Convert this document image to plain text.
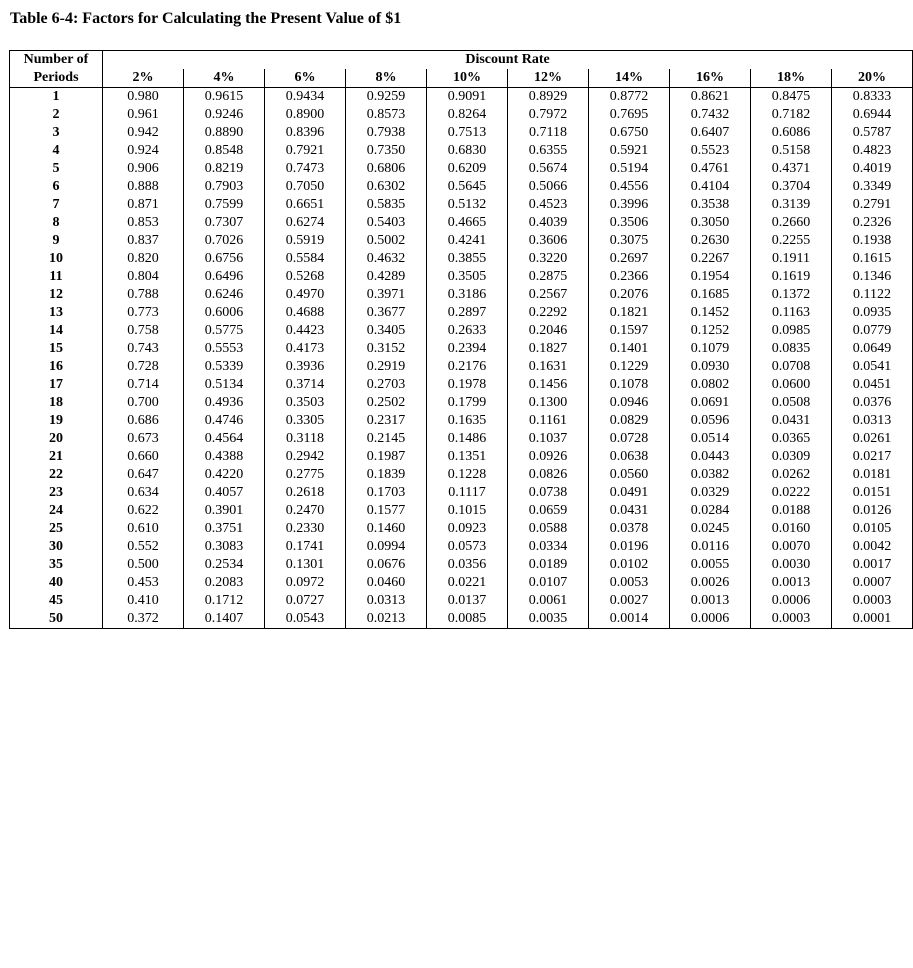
Table 6-4: Factors for Calculating the Present Value of $1
Number of
Periods	Discount Rate									
	2%	4%	6%	8%	10%	12%	14%	16%	18%	20%
1	0.980	0.9615	0.9434	0.9259	0.9091	0.8929	0.8772	0.8621	0.8475	0.8333
2	0.961	0.9246	0.8900	0.8573	0.8264	0.7972	0.7695	0.7432	0.7182	0.6944
3	0.942	0.8890	0.8396	0.7938	0.7513	0.7118	0.6750	0.6407	0.6086	0.5787
4	0.924	0.8548	0.7921	0.7350	0.6830	0.6355	0.5921	0.5523	0.5158	0.4823
5	0.906	0.8219	0.7473	0.6806	0.6209	0.5674	0.5194	0.4761	0.4371	0.4019
6	0.888	0.7903	0.7050	0.6302	0.5645	0.5066	0.4556	0.4104	0.3704	0.3349
7	0.871	0.7599	0.6651	0.5835	0.5132	0.4523	0.3996	0.3538	0.3139	0.2791
8	0.853	0.7307	0.6274	0.5403	0.4665	0.4039	0.3506	0.3050	0.2660	0.2326
9	0.837	0.7026	0.5919	0.5002	0.4241	0.3606	0.3075	0.2630	0.2255	0.1938
10	0.820	0.6756	0.5584	0.4632	0.3855	0.3220	0.2697	0.2267	0.1911	0.1615
11	0.804	0.6496	0.5268	0.4289	0.3505	0.2875	0.2366	0.1954	0.1619	0.1346
12	0.788	0.6246	0.4970	0.3971	0.3186	0.2567	0.2076	0.1685	0.1372	0.1122
13	0.773	0.6006	0.4688	0.3677	0.2897	0.2292	0.1821	0.1452	0.1163	0.0935
14	0.758	0.5775	0.4423	0.3405	0.2633	0.2046	0.1597	0.1252	0.0985	0.0779
15	0.743	0.5553	0.4173	0.3152	0.2394	0.1827	0.1401	0.1079	0.0835	0.0649
16	0.728	0.5339	0.3936	0.2919	0.2176	0.1631	0.1229	0.0930	0.0708	0.0541
17	0.714	0.5134	0.3714	0.2703	0.1978	0.1456	0.1078	0.0802	0.0600	0.0451
18	0.700	0.4936	0.3503	0.2502	0.1799	0.1300	0.0946	0.0691	0.0508	0.0376
19	0.686	0.4746	0.3305	0.2317	0.1635	0.1161	0.0829	0.0596	0.0431	0.0313
20	0.673	0.4564	0.3118	0.2145	0.1486	0.1037	0.0728	0.0514	0.0365	0.0261
21	0.660	0.4388	0.2942	0.1987	0.1351	0.0926	0.0638	0.0443	0.0309	0.0217
22	0.647	0.4220	0.2775	0.1839	0.1228	0.0826	0.0560	0.0382	0.0262	0.0181
23	0.634	0.4057	0.2618	0.1703	0.1117	0.0738	0.0491	0.0329	0.0222	0.0151
24	0.622	0.3901	0.2470	0.1577	0.1015	0.0659	0.0431	0.0284	0.0188	0.0126
25	0.610	0.3751	0.2330	0.1460	0.0923	0.0588	0.0378	0.0245	0.0160	0.0105
30	0.552	0.3083	0.1741	0.0994	0.0573	0.0334	0.0196	0.0116	0.0070	0.0042
35	0.500	0.2534	0.1301	0.0676	0.0356	0.0189	0.0102	0.0055	0.0030	0.0017
40	0.453	0.2083	0.0972	0.0460	0.0221	0.0107	0.0053	0.0026	0.0013	0.0007
45	0.410	0.1712	0.0727	0.0313	0.0137	0.0061	0.0027	0.0013	0.0006	0.0003
50	0.372	0.1407	0.0543	0.0213	0.0085	0.0035	0.0014	0.0006	0.0003	0.0001
